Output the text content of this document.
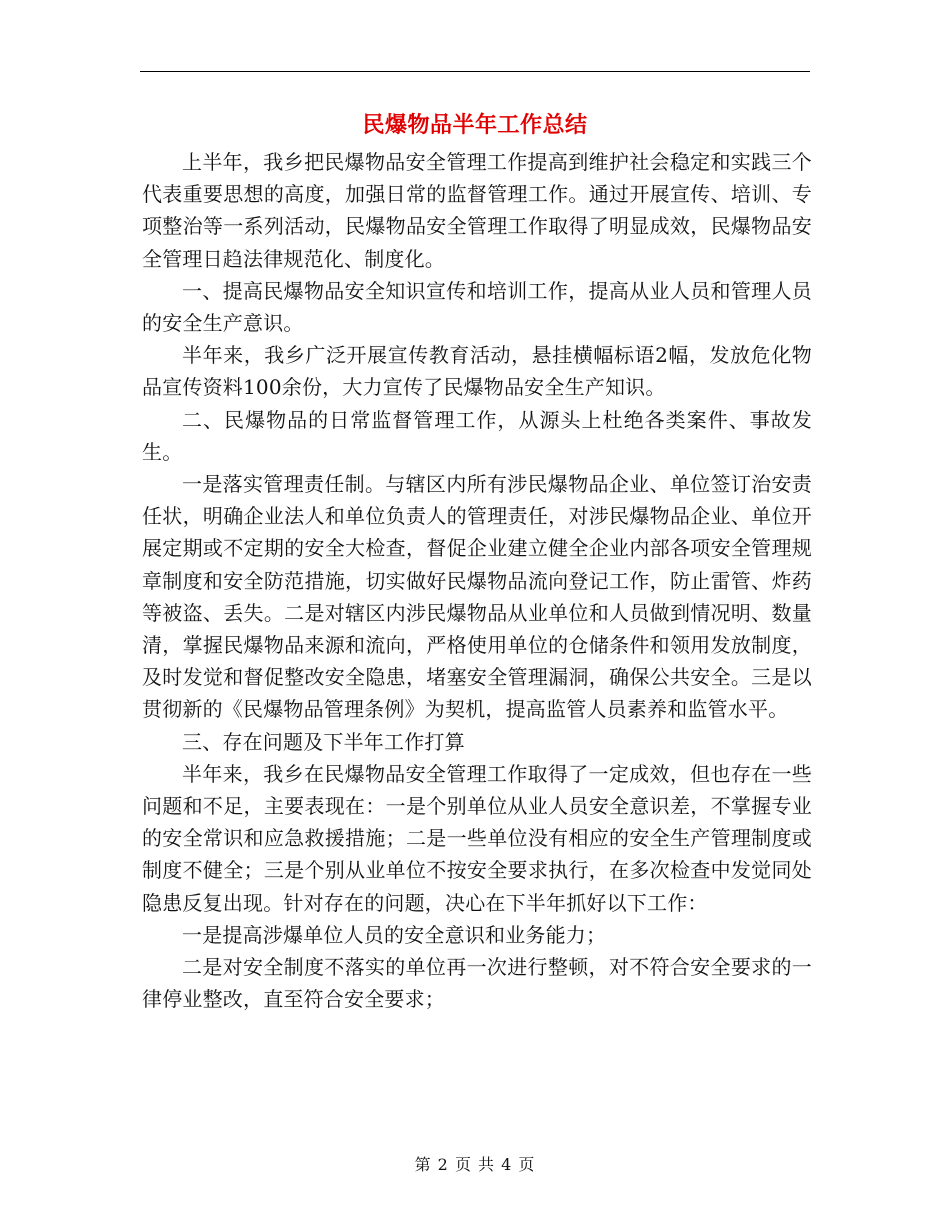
民爆物品半年工作总结

上半年，我乡把民爆物品安全管理工作提高到维护社会稳定和实践三个代表重要思想的高度，加强日常的监督管理工作。通过开展宣传、培训、专项整治等一系列活动，民爆物品安全管理工作取得了明显成效，民爆物品安全管理日趋法律规范化、制度化。

一、提高民爆物品安全知识宣传和培训工作，提高从业人员和管理人员的安全生产意识。

半年来，我乡广泛开展宣传教育活动，悬挂横幅标语2幅，发放危化物品宣传资料100余份，大力宣传了民爆物品安全生产知识。

二、民爆物品的日常监督管理工作，从源头上杜绝各类案件、事故发生。

一是落实管理责任制。与辖区内所有涉民爆物品企业、单位签订治安责任状，明确企业法人和单位负责人的管理责任，对涉民爆物品企业、单位开展定期或不定期的安全大检查，督促企业建立健全企业内部各项安全管理规章制度和安全防范措施，切实做好民爆物品流向登记工作，防止雷管、炸药等被盗、丢失。二是对辖区内涉民爆物品从业单位和人员做到情况明、数量清，掌握民爆物品来源和流向，严格使用单位的仓储条件和领用发放制度，及时发觉和督促整改安全隐患，堵塞安全管理漏洞，确保公共安全。三是以贯彻新的《民爆物品管理条例》为契机，提高监管人员素养和监管水平。

三、存在问题及下半年工作打算

半年来，我乡在民爆物品安全管理工作取得了一定成效，但也存在一些问题和不足，主要表现在：一是个别单位从业人员安全意识差，不掌握专业的安全常识和应急救援措施；二是一些单位没有相应的安全生产管理制度或制度不健全；三是个别从业单位不按安全要求执行，在多次检查中发觉同处隐患反复出现。针对存在的问题，决心在下半年抓好以下工作：

一是提高涉爆单位人员的安全意识和业务能力；

二是对安全制度不落实的单位再一次进行整顿，对不符合安全要求的一律停业整改，直至符合安全要求；

第 2 页 共 4 页
